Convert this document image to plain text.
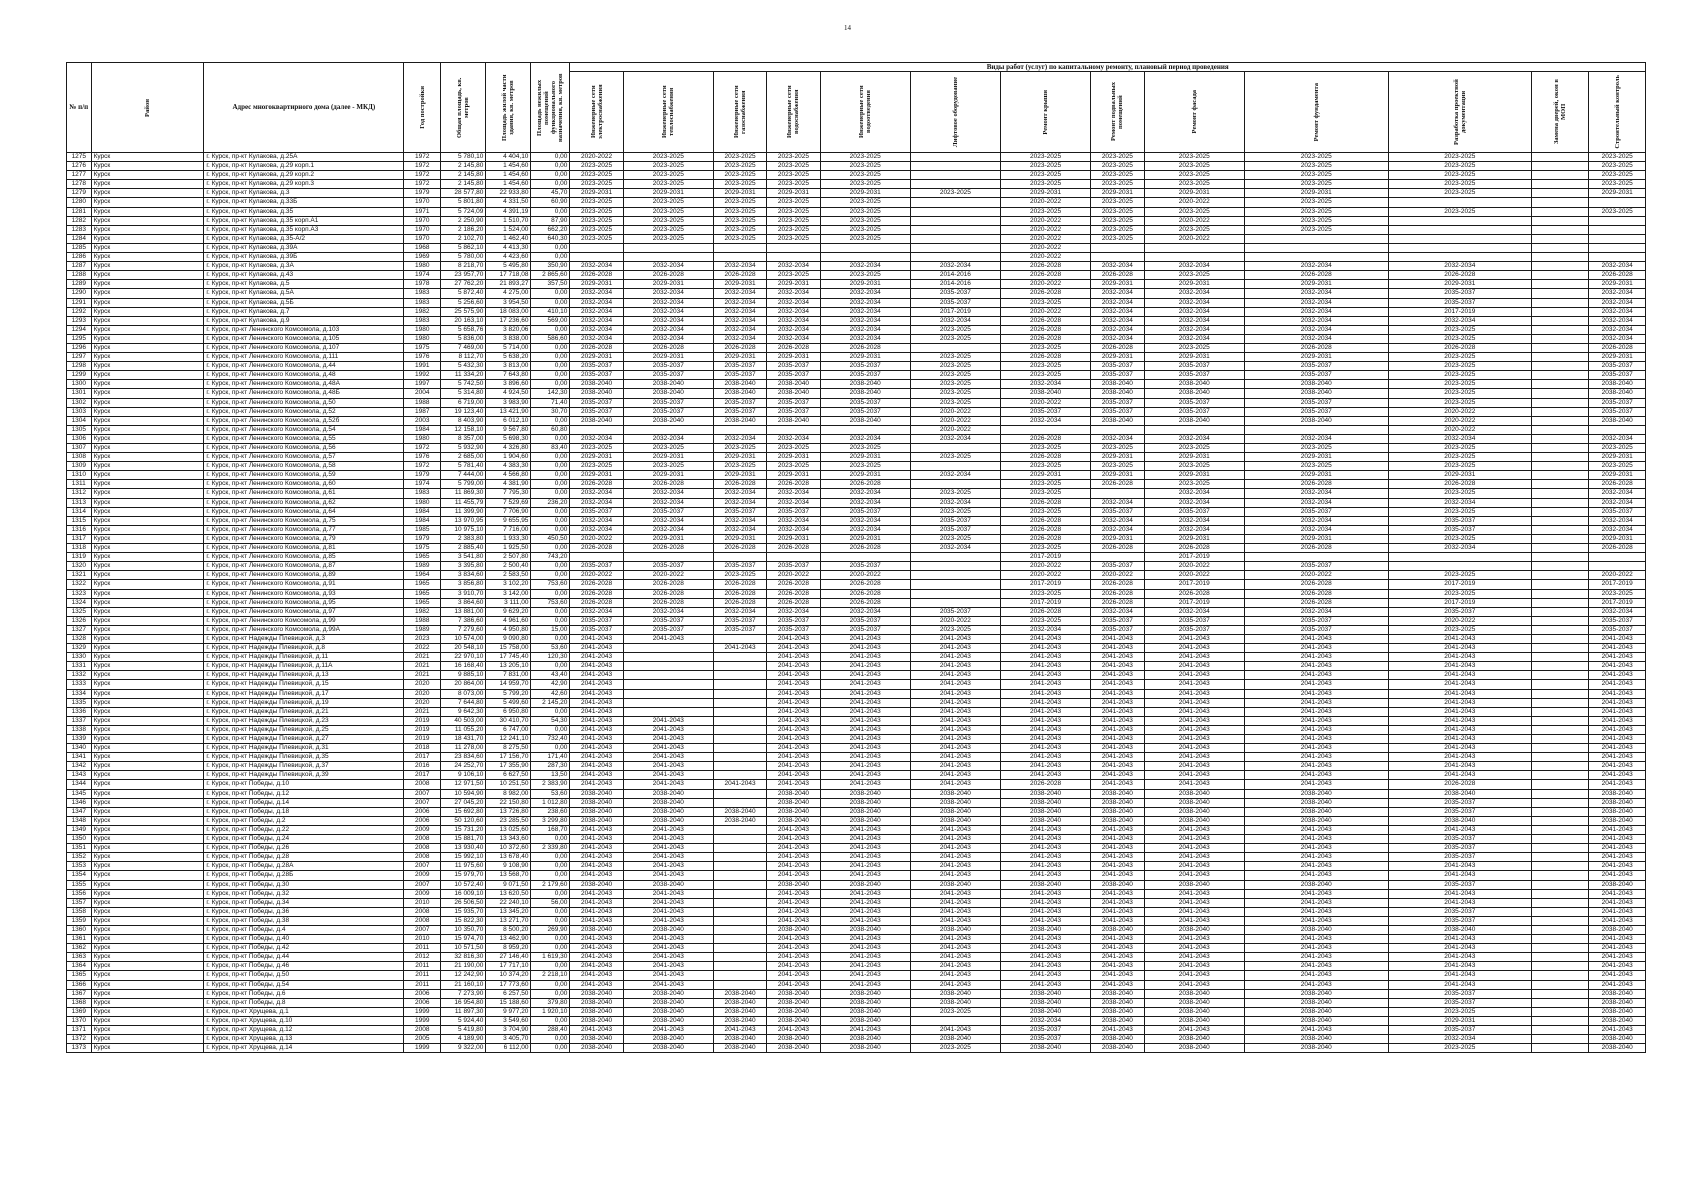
14
№ п/п	Район	Адрес многоквартирного дома (далее - МКД)	Год постройки	Общая площадь, кв. метров	Площадь жилой части здания, кв. метров	Площадь нежилых помещений функционального назначения, кв. метров	Виды работ (услуг) по капитальному ремонту, плановый период проведения												

							Инженерные сети электроснабжения	Инженерные сети теплоснабжения	Инженерные сети газоснабжения	Инженерные сети водоснабжения	Инженерные сети водоотведения	Лифтовое оборудование	Ремонт крыши	Ремонт подвальных помещений	Ремонт фасада	Ремонт фундамента	Разработка проектной документации	Замена дверей, окон в МОП	Строительный контроль

1275	Курск	г. Курск, пр-кт Кулакова, д.25А	1972	5 780,10	4 404,10	0,00	2020-2022	2023-2025	2023-2025	2023-2025	2023-2025		2023-2025	2023-2025	2023-2025	2023-2025	2023-2025		2023-2025
1276	Курск	г. Курск, пр-кт Кулакова, д.29 корп.1	1972	2 145,80	1 454,60	0,00	2023-2025	2023-2025	2023-2025	2023-2025	2023-2025		2023-2025	2023-2025	2023-2025	2023-2025	2023-2025		2023-2025
1277	Курск	г. Курск, пр-кт Кулакова, д.29 корп.2	1972	2 145,80	1 454,60	0,00	2023-2025	2023-2025	2023-2025	2023-2025	2023-2025		2023-2025	2023-2025	2023-2025	2023-2025	2023-2025		2023-2025
1278	Курск	г. Курск, пр-кт Кулакова, д.29 корп.3	1972	2 145,80	1 454,60	0,00	2023-2025	2023-2025	2023-2025	2023-2025	2023-2025		2023-2025	2023-2025	2023-2025	2023-2025	2023-2025		2023-2025
1279	Курск	г. Курск, пр-кт Кулакова, д.3	1979	28 577,80	22 933,80	45,70	2029-2031	2029-2031	2029-2031	2029-2031	2029-2031	2023-2025	2029-2031	2029-2031	2029-2031	2029-2031	2023-2025		2029-2031
1280	Курск	г. Курск, пр-кт Кулакова, д.33Б	1970	5 801,80	4 331,50	60,90	2023-2025	2023-2025	2023-2025	2023-2025	2023-2025		2020-2022	2023-2025	2020-2022	2023-2025			
1281	Курск	г. Курск, пр-кт Кулакова, д.35	1971	5 724,09	4 391,19	0,00	2023-2025	2023-2025	2023-2025	2023-2025	2023-2025		2023-2025	2023-2025	2023-2025	2023-2025	2023-2025		2023-2025
1282	Курск	г. Курск, пр-кт Кулакова, д.35 корп.А1	1970	2 250,90	1 510,70	87,90	2023-2025	2023-2025	2023-2025	2023-2025	2023-2025		2020-2022	2023-2025	2020-2022	2023-2025			
1283	Курск	г. Курск, пр-кт Кулакова, д.35 корп.А3	1970	2 186,20	1 524,00	662,20	2023-2025	2023-2025	2023-2025	2023-2025	2023-2025		2020-2022	2023-2025	2023-2025	2023-2025			
1284	Курск	г. Курск, пр-кт Кулакова, д.35-А/2	1970	2 102,70	1 462,40	640,30	2023-2025	2023-2025	2023-2025	2023-2025	2023-2025		2020-2022	2023-2025	2020-2022				
1285	Курск	г. Курск, пр-кт Кулакова, д.39А	1968	5 862,10	4 413,30	0,00							2020-2022						
1286	Курск	г. Курск, пр-кт Кулакова, д.39Б	1969	5 780,00	4 423,60	0,00							2020-2022						
1287	Курск	г. Курск, пр-кт Кулакова, д.3А	1980	8 218,70	5 495,80	350,90	2032-2034	2032-2034	2032-2034	2032-2034	2032-2034	2032-2034	2026-2028	2032-2034	2032-2034	2032-2034	2032-2034		2032-2034
1288	Курск	г. Курск, пр-кт Кулакова, д.43	1974	23 957,70	17 718,08	2 865,60	2026-2028	2026-2028	2026-2028	2023-2025	2023-2025	2014-2016	2026-2028	2026-2028	2023-2025	2026-2028	2026-2028		2026-2028
1289	Курск	г. Курск, пр-кт Кулакова, д.5	1978	27 762,20	21 893,27	357,50	2029-2031	2029-2031	2029-2031	2029-2031	2029-2031	2014-2016	2020-2022	2029-2031	2029-2031	2029-2031	2029-2031		2029-2031
1290	Курск	г. Курск, пр-кт Кулакова, д.5А	1983	5 872,40	4 275,00	0,00	2032-2034	2032-2034	2032-2034	2032-2034	2032-2034	2035-2037	2026-2028	2032-2034	2032-2034	2032-2034	2035-2037		2032-2034
1291	Курск	г. Курск, пр-кт Кулакова, д.5Б	1983	5 256,60	3 954,50	0,00	2032-2034	2032-2034	2032-2034	2032-2034	2032-2034	2035-2037	2023-2025	2032-2034	2032-2034	2032-2034	2035-2037		2032-2034
1292	Курск	г. Курск, пр-кт Кулакова, д.7	1982	25 575,90	18 083,00	410,10	2032-2034	2032-2034	2032-2034	2032-2034	2032-2034	2017-2019	2020-2022	2032-2034	2032-2034	2032-2034	2017-2019		2032-2034
1293	Курск	г. Курск, пр-кт Кулакова, д.9	1983	20 163,10	17 236,60	569,00	2032-2034	2032-2034	2032-2034	2032-2034	2032-2034	2032-2034	2026-2028	2032-2034	2032-2034	2032-2034	2032-2034		2032-2034
1294	Курск	г. Курск, пр-кт Ленинского Комсомола, д.103	1980	5 658,76	3 820,06	0,00	2032-2034	2032-2034	2032-2034	2032-2034	2032-2034	2023-2025	2026-2028	2032-2034	2032-2034	2032-2034	2023-2025		2032-2034
1295	Курск	г. Курск, пр-кт Ленинского Комсомола, д.105	1980	5 836,00	3 838,00	586,60	2032-2034	2032-2034	2032-2034	2032-2034	2032-2034	2023-2025	2026-2028	2032-2034	2032-2034	2032-2034	2023-2025		2032-2034
1296	Курск	г. Курск, пр-кт Ленинского Комсомола, д.107	1975	7 469,00	5 714,00	0,00	2026-2028	2026-2028	2026-2028	2026-2028	2026-2028		2023-2025	2026-2028	2023-2025	2026-2028	2026-2028		2026-2028
1297	Курск	г. Курск, пр-кт Ленинского Комсомола, д.111	1976	8 112,70	5 638,20	0,00	2029-2031	2029-2031	2029-2031	2029-2031	2029-2031	2023-2025	2026-2028	2029-2031	2029-2031	2029-2031	2023-2025		2029-2031
1298	Курск	г. Курск, пр-кт Ленинского Комсомола, д.44	1991	5 432,30	3 813,00	0,00	2035-2037	2035-2037	2035-2037	2035-2037	2035-2037	2023-2025	2023-2025	2035-2037	2035-2037	2035-2037	2023-2025		2035-2037
1299	Курск	г. Курск, пр-кт Ленинского Комсомола, д.48	1992	11 334,20	7 643,80	0,00	2035-2037	2035-2037	2035-2037	2035-2037	2035-2037	2023-2025	2023-2025	2035-2037	2035-2037	2035-2037	2023-2025		2035-2037
1300	Курск	г. Курск, пр-кт Ленинского Комсомола, д.48А	1997	5 742,50	3 896,60	0,00	2038-2040	2038-2040	2038-2040	2038-2040	2038-2040	2023-2025	2032-2034	2038-2040	2038-2040	2038-2040	2023-2025		2038-2040
1301	Курск	г. Курск, пр-кт Ленинского Комсомола, д.48Б	2004	5 314,80	4 924,50	142,30	2038-2040	2038-2040	2038-2040	2038-2040	2038-2040	2023-2025	2038-2040	2038-2040	2038-2040	2038-2040	2023-2025		2038-2040
1302	Курск	г. Курск, пр-кт Ленинского Комсомола, д.50	1988	6 719,00	3 983,90	71,40	2035-2037	2035-2037	2035-2037	2035-2037	2035-2037	2023-2025	2020-2022	2035-2037	2035-2037	2035-2037	2023-2025		2035-2037
1303	Курск	г. Курск, пр-кт Ленинского Комсомола, д.52	1987	19 123,40	13 421,90	30,70	2035-2037	2035-2037	2035-2037	2035-2037	2035-2037	2020-2022	2035-2037	2035-2037	2035-2037	2035-2037	2020-2022		2035-2037
1304	Курск	г. Курск, пр-кт Ленинского Комсомола, д.52б	2003	8 403,90	6 012,10	0,00	2038-2040	2038-2040	2038-2040	2038-2040	2038-2040	2020-2022	2032-2034	2038-2040	2038-2040	2038-2040	2020-2022		2038-2040
1305	Курск	г. Курск, пр-кт Ленинского Комсомола, д.54	1984	12 158,10	9 567,80	60,80						2020-2022					2020-2022		
1306	Курск	г. Курск, пр-кт Ленинского Комсомола, д.55	1980	8 357,00	5 698,30	0,00	2032-2034	2032-2034	2032-2034	2032-2034	2032-2034	2032-2034	2026-2028	2032-2034	2032-2034	2032-2034	2032-2034		2032-2034
1307	Курск	г. Курск, пр-кт Ленинского Комсомола, д.56	1972	5 932,90	4 326,80	83,40	2023-2025	2023-2025	2023-2025	2023-2025	2023-2025		2023-2025	2023-2025	2023-2025	2023-2025	2023-2025		2023-2025
1308	Курск	г. Курск, пр-кт Ленинского Комсомола, д.57	1976	2 685,00	1 904,60	0,00	2029-2031	2029-2031	2029-2031	2029-2031	2029-2031	2023-2025	2026-2028	2029-2031	2029-2031	2029-2031	2023-2025		2029-2031
1309	Курск	г. Курск, пр-кт Ленинского Комсомола, д.58	1972	5 781,40	4 383,30	0,00	2023-2025	2023-2025	2023-2025	2023-2025	2023-2025		2023-2025	2023-2025	2023-2025	2023-2025	2023-2025		2023-2025
1310	Курск	г. Курск, пр-кт Ленинского Комсомола, д.59	1979	7 444,00	4 566,80	0,00	2029-2031	2029-2031	2029-2031	2029-2031	2029-2031	2032-2034	2029-2031	2029-2031	2029-2031	2029-2031	2029-2031		2029-2031
1311	Курск	г. Курск, пр-кт Ленинского Комсомола, д.60	1974	5 799,00	4 381,90	0,00	2026-2028	2026-2028	2026-2028	2026-2028	2026-2028		2023-2025	2026-2028	2023-2025	2026-2028	2026-2028		2026-2028
1312	Курск	г. Курск, пр-кт Ленинского Комсомола, д.61	1983	11 869,30	7 795,30	0,00	2032-2034	2032-2034	2032-2034	2032-2034	2032-2034	2023-2025	2023-2025		2032-2034	2032-2034	2023-2025		2032-2034
1313	Курск	г. Курск, пр-кт Ленинского Комсомола, д.62	1980	11 455,79	7 529,69	236,20	2032-2034	2032-2034	2032-2034	2032-2034	2032-2034	2032-2034	2026-2028	2032-2034	2032-2034	2032-2034	2032-2034		2032-2034
1314	Курск	г. Курск, пр-кт Ленинского Комсомола, д.64	1984	11 399,90	7 706,90	0,00	2035-2037	2035-2037	2035-2037	2035-2037	2035-2037	2023-2025	2023-2025	2035-2037	2035-2037	2035-2037	2023-2025		2035-2037
1315	Курск	г. Курск, пр-кт Ленинского Комсомола, д.75	1984	13 970,95	9 655,95	0,00	2032-2034	2032-2034	2032-2034	2032-2034	2032-2034	2035-2037	2026-2028	2032-2034	2032-2034	2032-2034	2035-2037		2032-2034
1316	Курск	г. Курск, пр-кт Ленинского Комсомола, д.77	1985	10 975,10	7 716,00	0,00	2032-2034	2032-2034	2032-2034	2032-2034	2032-2034	2035-2037	2026-2028	2032-2034	2032-2034	2032-2034	2035-2037		2032-2034
1317	Курск	г. Курск, пр-кт Ленинского Комсомола, д.79	1979	2 383,80	1 933,30	450,50	2020-2022	2029-2031	2029-2031	2029-2031	2029-2031	2023-2025	2026-2028	2029-2031	2029-2031	2029-2031	2023-2025		2029-2031
1318	Курск	г. Курск, пр-кт Ленинского Комсомола, д.81	1975	2 885,40	1 925,50	0,00	2026-2028	2026-2028	2026-2028	2026-2028	2026-2028	2032-2034	2023-2025	2026-2028	2026-2028	2026-2028	2032-2034		2026-2028
1319	Курск	г. Курск, пр-кт Ленинского Комсомола, д.85	1965	3 541,80	2 507,80	743,20							2017-2019		2017-2019				
1320	Курск	г. Курск, пр-кт Ленинского Комсомола, д.87	1989	3 395,80	2 500,40	0,00	2035-2037	2035-2037	2035-2037	2035-2037	2035-2037		2020-2022	2035-2037	2020-2022	2035-2037			
1321	Курск	г. Курск, пр-кт Ленинского Комсомола, д.89	1964	3 834,60	2 583,50	0,00	2020-2022	2020-2022	2023-2025	2020-2022	2020-2022		2020-2022	2020-2022	2020-2022	2020-2022	2023-2025		2020-2022
1322	Курск	г. Курск, пр-кт Ленинского Комсомола, д.91	1965	3 856,80	3 102,20	753,60	2026-2028	2026-2028	2026-2028	2026-2028	2026-2028		2017-2019	2026-2028	2017-2019	2026-2028	2017-2019		2017-2019
1323	Курск	г. Курск, пр-кт Ленинского Комсомола, д.93	1965	3 910,70	3 142,00	0,00	2026-2028	2026-2028	2026-2028	2026-2028	2026-2028		2023-2025	2026-2028	2026-2028	2026-2028	2023-2025		2023-2025
1324	Курск	г. Курск, пр-кт Ленинского Комсомола, д.95	1965	3 864,60	3 111,00	753,60	2026-2028	2026-2028	2026-2028	2026-2028	2026-2028		2017-2019	2026-2028	2017-2019	2026-2028	2017-2019		2017-2019
1325	Курск	г. Курск, пр-кт Ленинского Комсомола, д.97	1982	13 881,00	9 629,20	0,00	2032-2034	2032-2034	2032-2034	2032-2034	2032-2034	2035-2037	2026-2028	2032-2034	2032-2034	2032-2034	2035-2037		2032-2034
1326	Курск	г. Курск, пр-кт Ленинского Комсомола, д.99	1988	7 386,60	4 961,60	0,00	2035-2037	2035-2037	2035-2037	2035-2037	2035-2037	2020-2022	2023-2025	2035-2037	2035-2037	2035-2037	2020-2022		2035-2037
1327	Курск	г. Курск, пр-кт Ленинского Комсомола, д.99А	1989	7 279,60	4 950,80	15,00	2035-2037	2035-2037	2035-2037	2035-2037	2035-2037	2023-2025	2032-2034	2035-2037	2035-2037	2035-2037	2023-2025		2035-2037
1328	Курск	г. Курск, пр-кт Надежды Плевицкой, д.3	2023	10 574,00	9 090,80	0,00	2041-2043	2041-2043		2041-2043	2041-2043	2041-2043	2041-2043	2041-2043	2041-2043	2041-2043	2041-2043		2041-2043
1329	Курск	г. Курск, пр-кт Надежды Плевицкой, д.8	2022	20 548,10	15 758,00	53,60	2041-2043		2041-2043	2041-2043	2041-2043	2041-2043	2041-2043	2041-2043	2041-2043	2041-2043	2041-2043		2041-2043
1330	Курск	г. Курск, пр-кт Надежды Плевицкой, д.11	2021	22 970,10	17 745,40	120,30	2041-2043			2041-2043	2041-2043	2041-2043	2041-2043	2041-2043	2041-2043	2041-2043	2041-2043		2041-2043
1331	Курск	г. Курск, пр-кт Надежды Плевицкой, д.11А	2021	16 168,40	13 205,10	0,00	2041-2043			2041-2043	2041-2043	2041-2043	2041-2043	2041-2043	2041-2043	2041-2043	2041-2043		2041-2043
1332	Курск	г. Курск, пр-кт Надежды Плевицкой, д.13	2021	9 885,10	7 831,00	43,40	2041-2043			2041-2043	2041-2043	2041-2043	2041-2043	2041-2043	2041-2043	2041-2043	2041-2043		2041-2043
1333	Курск	г. Курск, пр-кт Надежды Плевицкой, д.15	2020	20 864,00	14 959,70	42,90	2041-2043			2041-2043	2041-2043	2041-2043	2041-2043	2041-2043	2041-2043	2041-2043	2041-2043		2041-2043
1334	Курск	г. Курск, пр-кт Надежды Плевицкой, д.17	2020	8 073,00	5 799,20	42,60	2041-2043			2041-2043	2041-2043	2041-2043	2041-2043	2041-2043	2041-2043	2041-2043	2041-2043		2041-2043
1335	Курск	г. Курск, пр-кт Надежды Плевицкой, д.19	2020	7 644,80	5 499,60	2 145,20	2041-2043			2041-2043	2041-2043	2041-2043	2041-2043	2041-2043	2041-2043	2041-2043	2041-2043		2041-2043
1336	Курск	г. Курск, пр-кт Надежды Плевицкой, д.21	2021	9 642,30	6 950,80	0,00	2041-2043			2041-2043	2041-2043	2041-2043	2041-2043	2041-2043	2041-2043	2041-2043	2041-2043		2041-2043
1337	Курск	г. Курск, пр-кт Надежды Плевицкой, д.23	2019	40 503,00	30 410,70	54,30	2041-2043	2041-2043		2041-2043	2041-2043	2041-2043	2041-2043	2041-2043	2041-2043	2041-2043	2041-2043		2041-2043
1338	Курск	г. Курск, пр-кт Надежды Плевицкой, д.25	2019	11 055,20	6 747,00	0,00	2041-2043	2041-2043		2041-2043	2041-2043	2041-2043	2041-2043	2041-2043	2041-2043	2041-2043	2041-2043		2041-2043
1339	Курск	г. Курск, пр-кт Надежды Плевицкой, д.27	2019	18 431,70	12 241,10	732,40	2041-2043	2041-2043		2041-2043	2041-2043	2041-2043	2041-2043	2041-2043	2041-2043	2041-2043	2041-2043		2041-2043
1340	Курск	г. Курск, пр-кт Надежды Плевицкой, д.31	2018	11 278,00	8 275,50	0,00	2041-2043	2041-2043		2041-2043	2041-2043	2041-2043	2041-2043	2041-2043	2041-2043	2041-2043	2041-2043		2041-2043
1341	Курск	г. Курск, пр-кт Надежды Плевицкой, д.35	2017	23 834,60	17 156,70	171,40	2041-2043	2041-2043		2041-2043	2041-2043	2041-2043	2041-2043	2041-2043	2041-2043	2041-2043	2041-2043		2041-2043
1342	Курск	г. Курск, пр-кт Надежды Плевицкой, д.37	2016	24 252,70	17 355,90	287,30	2041-2043	2041-2043		2041-2043	2041-2043	2041-2043	2041-2043	2041-2043	2041-2043	2041-2043	2041-2043		2041-2043
1343	Курск	г. Курск, пр-кт Надежды Плевицкой, д.39	2017	9 106,10	6 627,50	13,50	2041-2043	2041-2043		2041-2043	2041-2043	2041-2043	2041-2043	2041-2043	2041-2043	2041-2043	2041-2043		2041-2043
1344	Курск	г. Курск, пр-кт Победы, д.10	2008	12 971,50	10 251,50	2 383,90	2041-2043	2041-2043	2041-2043	2041-2043	2041-2043	2041-2043	2026-2028	2041-2043	2041-2043	2041-2043	2026-2028		2041-2043
1345	Курск	г. Курск, пр-кт Победы, д.12	2007	10 594,90	8 982,00	53,60	2038-2040	2038-2040		2038-2040	2038-2040	2038-2040	2038-2040	2038-2040	2038-2040	2038-2040	2038-2040		2038-2040
1346	Курск	г. Курск, пр-кт Победы, д.14	2007	27 045,20	22 150,80	1 012,80	2038-2040	2038-2040		2038-2040	2038-2040	2038-2040	2038-2040	2038-2040	2038-2040	2038-2040	2035-2037		2038-2040
1347	Курск	г. Курск, пр-кт Победы, д.18	2006	15 692,80	13 726,80	238,60	2038-2040	2038-2040	2038-2040	2038-2040	2038-2040	2038-2040	2038-2040	2038-2040	2038-2040	2038-2040	2035-2037		2038-2040
1348	Курск	г. Курск, пр-кт Победы, д.2	2006	50 120,60	23 285,50	3 299,80	2038-2040	2038-2040	2038-2040	2038-2040	2038-2040	2038-2040	2038-2040	2038-2040	2038-2040	2038-2040	2038-2040		2038-2040
1349	Курск	г. Курск, пр-кт Победы, д.22	2009	15 731,20	13 025,60	168,70	2041-2043	2041-2043		2041-2043	2041-2043	2041-2043	2041-2043	2041-2043	2041-2043	2041-2043	2041-2043		2041-2043
1350	Курск	г. Курск, пр-кт Победы, д.24	2008	15 881,70	13 343,60	0,00	2041-2043	2041-2043		2041-2043	2041-2043	2041-2043	2041-2043	2041-2043	2041-2043	2041-2043	2035-2037		2041-2043
1351	Курск	г. Курск, пр-кт Победы, д.26	2008	13 930,40	10 372,60	2 339,80	2041-2043	2041-2043		2041-2043	2041-2043	2041-2043	2041-2043	2041-2043	2041-2043	2041-2043	2035-2037		2041-2043
1352	Курск	г. Курск, пр-кт Победы, д.28	2008	15 992,10	13 678,40	0,00	2041-2043	2041-2043		2041-2043	2041-2043	2041-2043	2041-2043	2041-2043	2041-2043	2041-2043	2035-2037		2041-2043
1353	Курск	г. Курск, пр-кт Победы, д.28А	2007	11 975,60	9 108,90	0,00	2041-2043	2041-2043		2041-2043	2041-2043	2041-2043	2041-2043	2041-2043	2041-2043	2041-2043	2041-2043		2041-2043
1354	Курск	г. Курск, пр-кт Победы, д.28Б	2009	15 979,70	13 568,70	0,00	2041-2043	2041-2043		2041-2043	2041-2043	2041-2043	2041-2043	2041-2043	2041-2043	2041-2043	2041-2043		2041-2043
1355	Курск	г. Курск, пр-кт Победы, д.30	2007	10 572,40	9 071,50	2 179,60	2038-2040	2038-2040		2038-2040	2038-2040	2038-2040	2038-2040	2038-2040	2038-2040	2038-2040	2035-2037		2038-2040
1356	Курск	г. Курск, пр-кт Победы, д.32	2009	16 009,10	13 620,50	0,00	2041-2043	2041-2043		2041-2043	2041-2043	2041-2043	2041-2043	2041-2043	2041-2043	2041-2043	2041-2043		2041-2043
1357	Курск	г. Курск, пр-кт Победы, д.34	2010	26 506,50	22 240,10	56,00	2041-2043	2041-2043		2041-2043	2041-2043	2041-2043	2041-2043	2041-2043	2041-2043	2041-2043	2041-2043		2041-2043
1358	Курск	г. Курск, пр-кт Победы, д.36	2008	15 935,70	13 345,20	0,00	2041-2043	2041-2043		2041-2043	2041-2043	2041-2043	2041-2043	2041-2043	2041-2043	2041-2043	2035-2037		2041-2043
1359	Курск	г. Курск, пр-кт Победы, д.38	2008	15 822,30	13 271,70	0,00	2041-2043	2041-2043		2041-2043	2041-2043	2041-2043	2041-2043	2041-2043	2041-2043	2041-2043	2035-2037		2041-2043
1360	Курск	г. Курск, пр-кт Победы, д.4	2007	10 350,70	8 500,20	269,90	2038-2040	2038-2040		2038-2040	2038-2040	2038-2040	2038-2040	2038-2040	2038-2040	2038-2040	2038-2040		2038-2040
1361	Курск	г. Курск, пр-кт Победы, д.40	2010	15 974,70	13 462,90	0,00	2041-2043	2041-2043		2041-2043	2041-2043	2041-2043	2041-2043	2041-2043	2041-2043	2041-2043	2041-2043		2041-2043
1362	Курск	г. Курск, пр-кт Победы, д.42	2011	10 571,50	8 959,20	0,00	2041-2043	2041-2043		2041-2043	2041-2043	2041-2043	2041-2043	2041-2043	2041-2043	2041-2043	2041-2043		2041-2043
1363	Курск	г. Курск, пр-кт Победы, д.44	2012	32 816,30	27 146,40	1 619,30	2041-2043	2041-2043		2041-2043	2041-2043	2041-2043	2041-2043	2041-2043	2041-2043	2041-2043	2041-2043		2041-2043
1364	Курск	г. Курск, пр-кт Победы, д.46	2011	21 190,00	17 717,10	0,00	2041-2043	2041-2043		2041-2043	2041-2043	2041-2043	2041-2043	2041-2043	2041-2043	2041-2043	2041-2043		2041-2043
1365	Курск	г. Курск, пр-кт Победы, д.50	2011	12 242,90	10 374,20	2 218,10	2041-2043	2041-2043		2041-2043	2041-2043	2041-2043	2041-2043	2041-2043	2041-2043	2041-2043	2041-2043		2041-2043
1366	Курск	г. Курск, пр-кт Победы, д.54	2011	21 160,10	17 773,60	0,00	2041-2043	2041-2043		2041-2043	2041-2043	2041-2043	2041-2043	2041-2043	2041-2043	2041-2043	2041-2043		2041-2043
1367	Курск	г. Курск, пр-кт Победы, д.6	2006	7 273,90	6 257,50	0,00	2038-2040	2038-2040	2038-2040	2038-2040	2038-2040	2038-2040	2038-2040	2038-2040	2038-2040	2038-2040	2035-2037		2038-2040
1368	Курск	г. Курск, пр-кт Победы, д.8	2006	16 954,80	15 188,60	379,80	2038-2040	2038-2040	2038-2040	2038-2040	2038-2040	2038-2040	2038-2040	2038-2040	2038-2040	2038-2040	2035-2037		2038-2040
1369	Курск	г. Курск, пр-кт Хрущева, д.1	1999	11 897,30	9 977,20	1 920,10	2038-2040	2038-2040	2038-2040	2038-2040	2038-2040	2023-2025	2038-2040	2038-2040	2038-2040	2038-2040	2023-2025		2038-2040
1370	Курск	г. Курск, пр-кт Хрущева, д.10	1999	5 924,40	3 549,60	0,00	2038-2040	2038-2040	2038-2040	2038-2040	2038-2040		2032-2034	2038-2040	2038-2040	2038-2040	2029-2031		2038-2040
1371	Курск	г. Курск, пр-кт Хрущева, д.12	2008	5 419,80	3 704,90	288,40	2041-2043	2041-2043	2041-2043	2041-2043	2041-2043	2041-2043	2035-2037	2041-2043	2041-2043	2041-2043	2035-2037		2041-2043
1372	Курск	г. Курск, пр-кт Хрущева, д.13	2005	4 189,90	3 405,70	0,00	2038-2040	2038-2040	2038-2040	2038-2040	2038-2040	2038-2040	2035-2037	2038-2040	2038-2040	2038-2040	2032-2034		2038-2040
1373	Курск	г. Курск, пр-кт Хрущева, д.14	1999	9 322,00	6 112,00	0,00	2038-2040	2038-2040	2038-2040	2038-2040	2038-2040	2023-2025	2038-2040	2038-2040	2038-2040	2038-2040	2023-2025		2038-2040
